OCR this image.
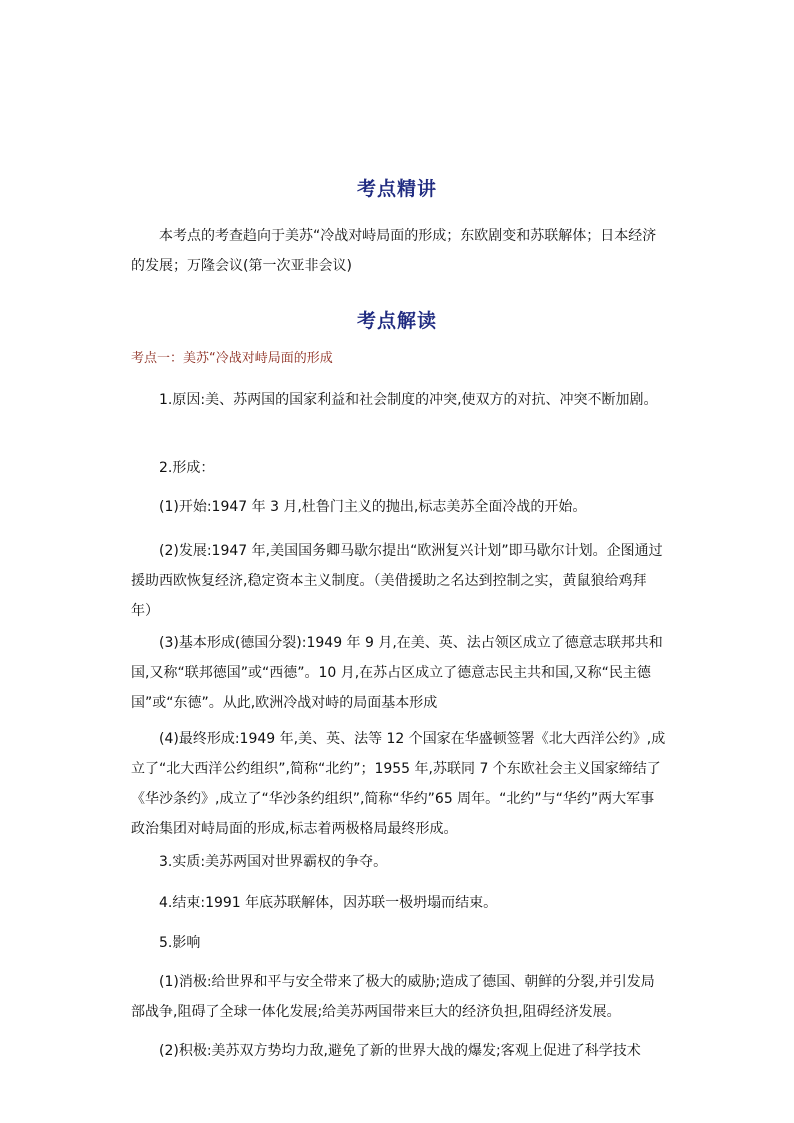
考点精讲
本考点的考查趋向于美苏“冷战对峙局面的形成；东欧剧变和苏联解体；日本经济的发展；万隆会议(第一次亚非会议)
考点解读
考点一：美苏“冷战对峙局面的形成
1.原因:美、苏两国的国家利益和社会制度的冲突,使双方的对抗、冲突不断加剧。
2.形成：
(1)开始:1947 年 3 月,杜鲁门主义的抛出,标志美苏全面冷战的开始。
(2)发展:1947 年,美国国务卿马歇尔提出“欧洲复兴计划”即马歇尔计划。企图通过援助西欧恢复经济,稳定资本主义制度。（美借援助之名达到控制之实，黄鼠狼给鸡拜年）
(3)基本形成(德国分裂):1949 年 9 月,在美、英、法占领区成立了德意志联邦共和国,又称“联邦德国”或“西德”。10 月,在苏占区成立了德意志民主共和国,又称“民主德国”或“东德”。从此,欧洲冷战对峙的局面基本形成
(4)最终形成:1949 年,美、英、法等 12 个国家在华盛顿签署《北大西洋公约》,成立了“北大西洋公约组织”,简称“北约”；1955 年,苏联同 7 个东欧社会主义国家缔结了《华沙条约》,成立了“华沙条约组织”,简称“华约”65 周年。“北约”与“华约”两大军事政治集团对峙局面的形成,标志着两极格局最终形成。
3.实质:美苏两国对世界霸权的争夺。
4.结束:1991 年底苏联解体，因苏联一极坍塌而结束。
5.影响
(1)消极:给世界和平与安全带来了极大的威胁;造成了德国、朝鲜的分裂,并引发局部战争,阻碍了全球一体化发展;给美苏两国带来巨大的经济负担,阻碍经济发展。
(2)积极:美苏双方势均力敌,避免了新的世界大战的爆发;客观上促进了科学技术
